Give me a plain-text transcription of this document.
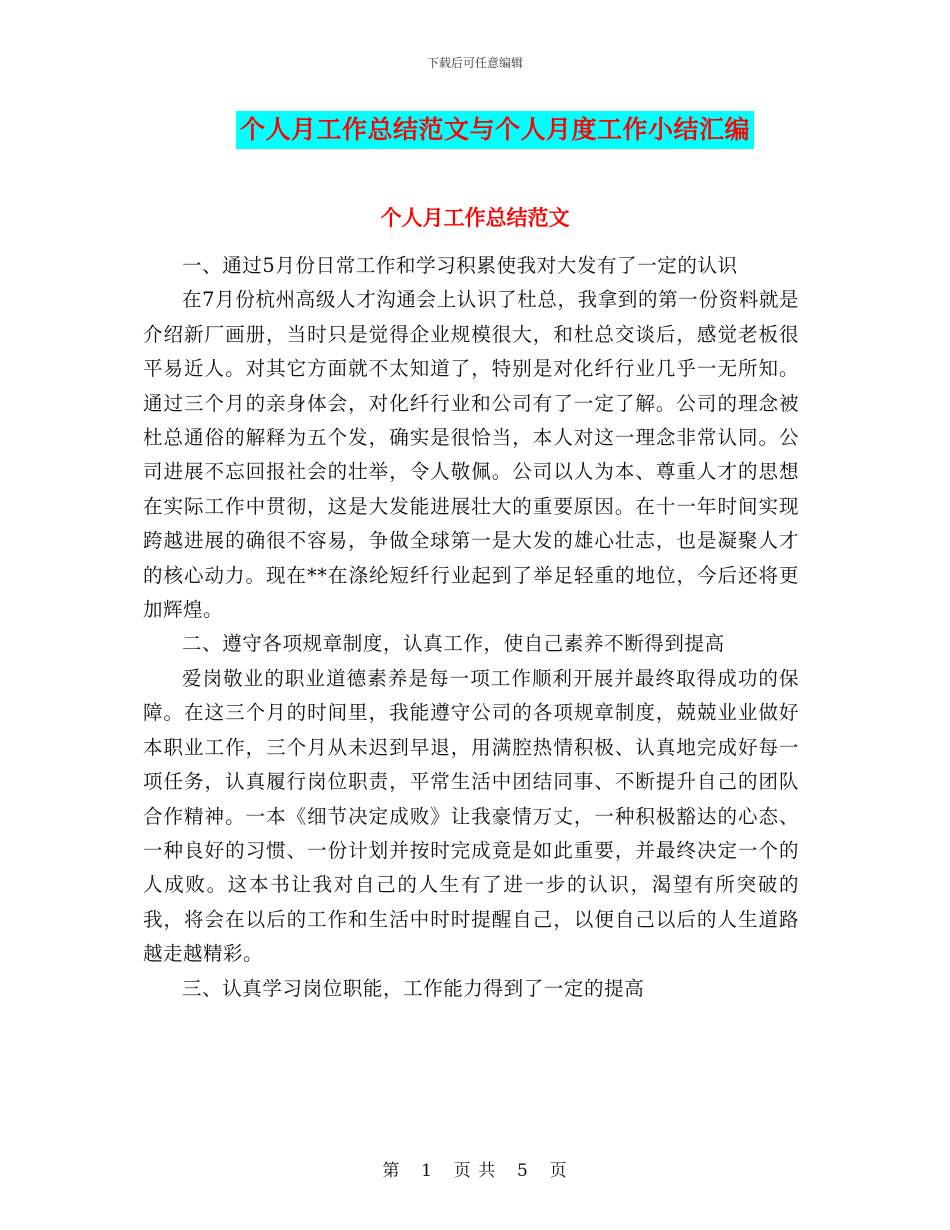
下载后可任意编辑
个人月工作总结范文与个人月度工作小结汇编
个人月工作总结范文

一、通过5月份日常工作和学习积累使我对大发有了一定的认识

在7月份杭州高级人才沟通会上认识了杜总，我拿到的第一份资料就是介绍新厂画册，当时只是觉得企业规模很大，和杜总交谈后，感觉老板很平易近人。对其它方面就不太知道了，特别是对化纤行业几乎一无所知。通过三个月的亲身体会，对化纤行业和公司有了一定了解。公司的理念被杜总通俗的解释为五个发，确实是很恰当，本人对这一理念非常认同。公司进展不忘回报社会的壮举，令人敬佩。公司以人为本、尊重人才的思想在实际工作中贯彻，这是大发能进展壮大的重要原因。在十一年时间实现跨越进展的确很不容易，争做全球第一是大发的雄心壮志，也是凝聚人才的核心动力。现在**在涤纶短纤行业起到了举足轻重的地位，今后还将更加辉煌。

二、遵守各项规章制度，认真工作，使自己素养不断得到提高

爱岗敬业的职业道德素养是每一项工作顺利开展并最终取得成功的保障。在这三个月的时间里，我能遵守公司的各项规章制度，兢兢业业做好本职业工作，三个月从未迟到早退，用满腔热情积极、认真地完成好每一项任务，认真履行岗位职责，平常生活中团结同事、不断提升自己的团队合作精神。一本《细节决定成败》让我豪情万丈，一种积极豁达的心态、一种良好的习惯、一份计划并按时完成竟是如此重要，并最终决定一个的人成败。这本书让我对自己的人生有了进一步的认识，渴望有所突破的我，将会在以后的工作和生活中时时提醒自己，以便自己以后的人生道路越走越精彩。

三、认真学习岗位职能，工作能力得到了一定的提高

第 1 页 共 5 页
